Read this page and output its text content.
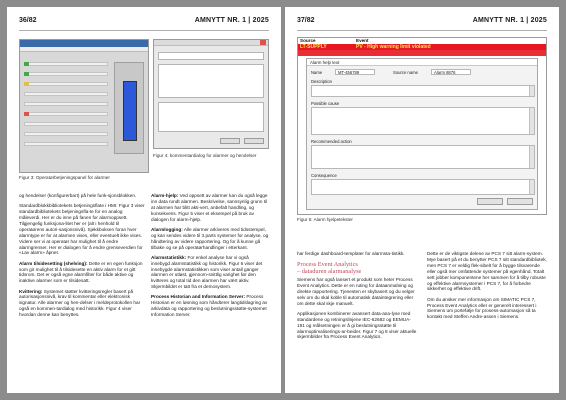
36/82	AMNYTT NR. 1 | 2025
Figur 3: Operatørbetjeningspanel for alarmer
Figur 4: kommentardialog for alarmer og hendelser

og hendelser (konfigurerbart) på hele funk-sjonsblokken.

Standardblokkbibliotekets betjeningsflate i HMI: Figur 3 viser standardbibliotekets betjeningsfla-te for en analog måleverdi. Her er du inne på fanen for alarmoppsett. Tilgjengelig funksjona-litet her er (alt i henhold til operatørens autori-sasjonsnivå). Sjekkboksen foran hver alarmtype er for at alarmen vises, eller eventuelt ikke vises. Videre ser vi at operatør har mulighet til å endre alarmgrenser. Her er dialogen for å endre grenseverdien for «Lav alarm» åpnet.

Alarm tilsidesetting (shelving): Dette er en egen funksjon som gir mulighet til å tilsidesette en aktiv alarm for et gitt tidsrom. Det er også egne alarmfilter for både aktive og inaktive alarmer som er tilsidesatt.

Kvittering: Systemet støtter kvitteringsregler basert på autorisasjonsnivå, krav til kommentar eller elektronisk signatur. Alle alarmer og hen-delser i meldeprotokollen har også en kommen-tardialog med historikk. Figur 4 viser hvordan denne kan benyttes.

Alarm-hjelp: Ved oppsett av alarmer kan du også legge inn data rundt alarmen. Beskrivelse, sannsynlig grunn til at alarmen har blitt akti-vert, anbefalt handling, og konsekvens. Figur 5 viser et eksempel på bruk av dialogen for alarm-hjelp.

Alarmlogging: Alle alarmer arkiveres med tidsstempel, og kan sendes videre til 3.parts systemer for analyse, og håndtering av videre rapportering. Og for å kunne gå tilbake og se på operatørhandlinger i etterkant.

Alarmstatistikk: For enkel analyse har vi også innebygd alarmstatistikk og historikk. Figur 6 viser det innebygde alarmstatistikken som viser antall ganger alarmen er utløst, gjennom-snittlig varighet før den kvitteres og total tid den alarmen har vært aktiv. Skjermbildet er tatt fra et demosystem.

Process Historian and Information Server: Process Historian er en løsning som håndterer langtidslagring av arkivdata og rapportering og beslutningsstøtte-systemet Information Server.

37/82	AMNYTT NR. 1 | 2025
Source	Event
LT-SUPPLY	PV - High warning limit violated
Alarm help text
Name	MT-456789	Source name	Alarm 8876
Description
Possible cause
Recommended action
Consequence
Figur 5: Alarm hjelpetekster

har ferdige dashboard-templater for alarmsta-tistikk.

Process Event Analytics
– dataduren alarmanalyse

Siemens har også lansert et produkt som heter Process Event Analytics. Dette er en ruting for dataanmalning og direkte rapportering. Tjenesten er skybasert og du velger selv om du skal koble til automatisk dataintegrering eller om dette skal skje manuelt.

Applikasjonen kombinerer avansert data-ana-lyse med standardene og retningslinjene IEC-62682 og EEMUA-191 og målsetningen er å gi beslutningsstøtte til alarmoptimaliserings-ar-beider. Figur 7 og 8 viser aktuelle skjermbilder fra Process Event Analytics.

Dette er de viktigste delene av PCS 7 sitt alarm-system. Mye basert på et du benytter PCS 7 sitt standardbibliotek, men PCS 7 er veldig flek-sibelt for å bygge tilsvarende eller også mer omfattende systemer på egenhånd. Totalt sett jobber komponentene her sammen for å tilby robuste og effektive alarmsystemer i PCS 7, for å forbedre sikkerhet og effektive drift.

Om du ønsker mer informasjon om SIMATIC PCS 7, Process Event Analytics eller er generelt interessert i Siemens um portefølje for prosess-automasjon så ta kontakt med Steffen Andre-assen i Siemens.
